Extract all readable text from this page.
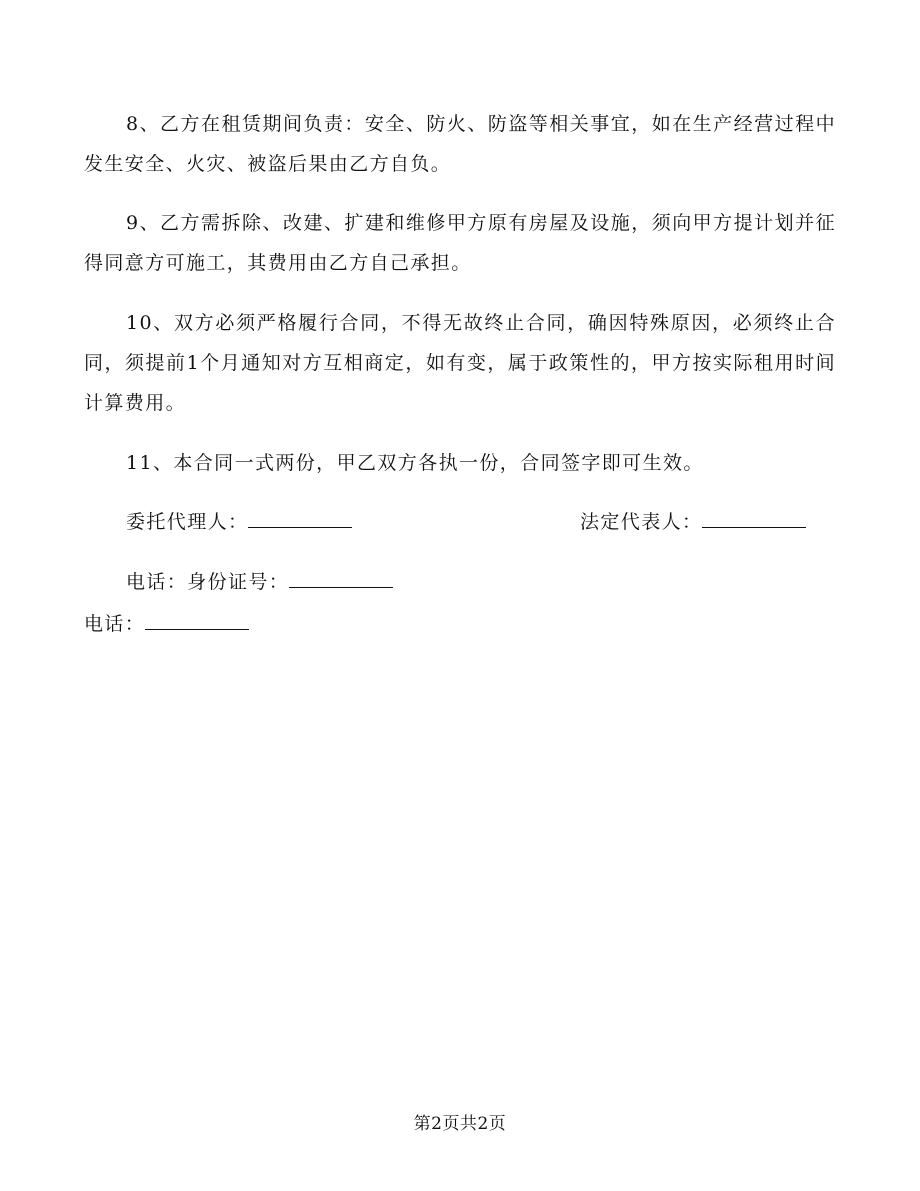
8、乙方在租赁期间负责：安全、防火、防盗等相关事宜，如在生产经营过程中发生安全、火灾、被盗后果由乙方自负。

9、乙方需拆除、改建、扩建和维修甲方原有房屋及设施，须向甲方提计划并征得同意方可施工，其费用由乙方自己承担。

10、双方必须严格履行合同，不得无故终止合同，确因特殊原因，必须终止合同，须提前1个月通知对方互相商定，如有变，属于政策性的，甲方按实际租用时间计算费用。

11、本合同一式两份，甲乙双方各执一份，合同签字即可生效。

委托代理人：	法定代表人：
电话：身份证号：
电话：
第2页共2页
